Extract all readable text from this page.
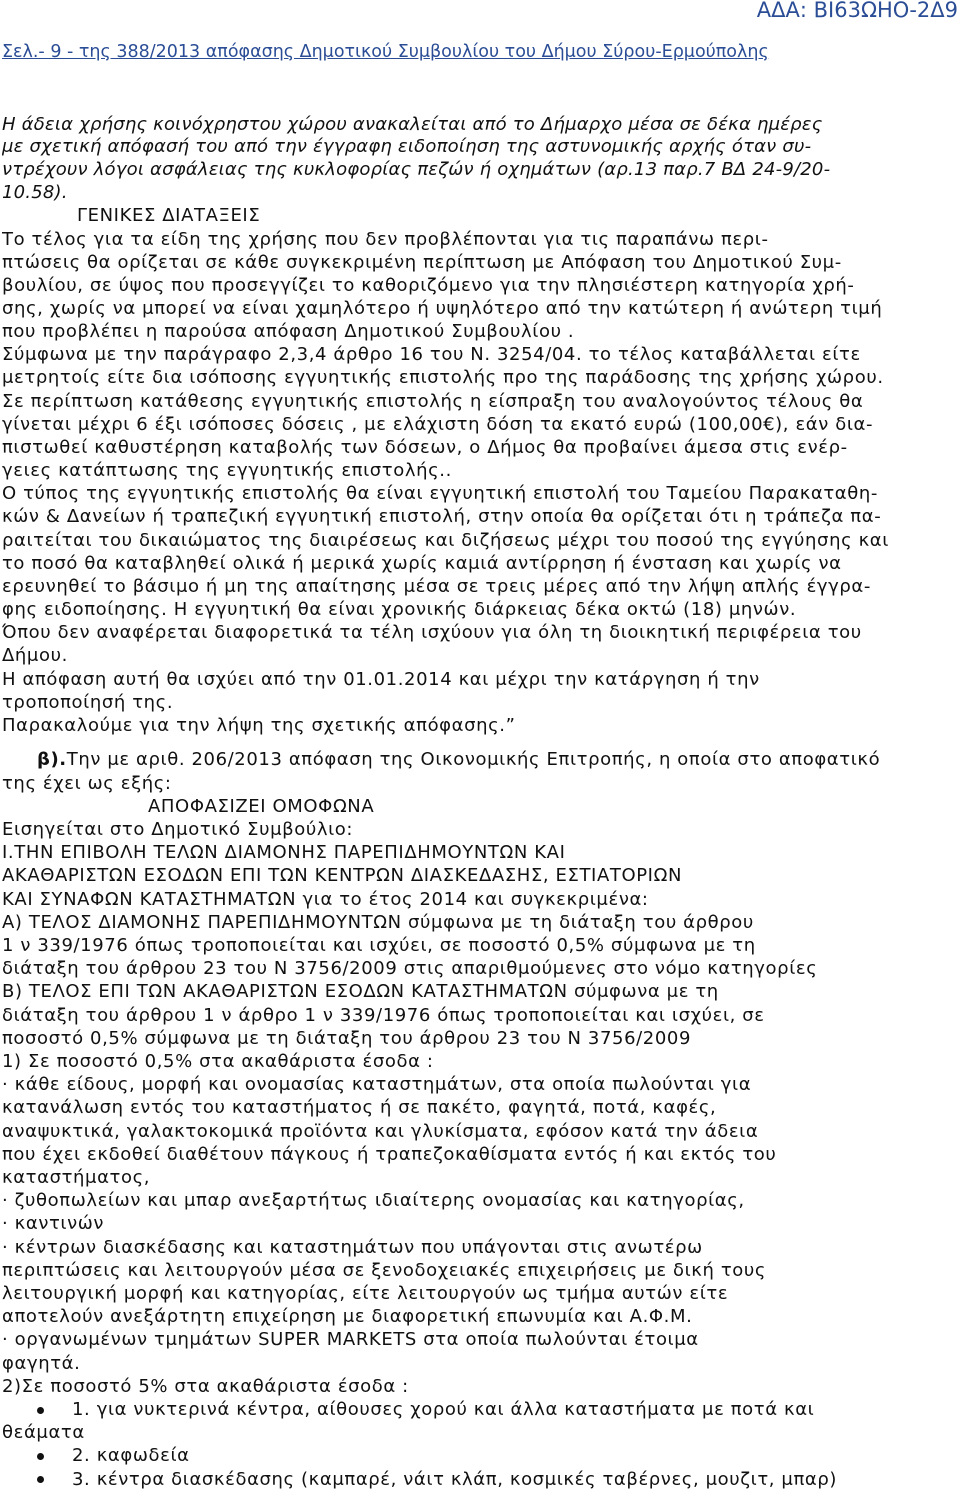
ΑΔΑ: ΒΙ63ΩΗΟ-2Δ9
Σελ.- 9 - της 388/2013 απόφασης Δημοτικού Συμβουλίου του Δήμου Σύρου-Ερμούπολης
Η άδεια χρήσης κοινόχρηστου χώρου ανακαλείται από το Δήμαρχο μέσα σε δέκα ημέρες
με σχετική απόφασή του από την έγγραφη ειδοποίηση της αστυνομικής αρχής όταν συ-
ντρέχουν λόγοι ασφάλειας της κυκλοφορίας πεζών ή οχημάτων (αρ.13 παρ.7 ΒΔ 24-9/20-
10.58).
ΓΕΝΙΚΕΣ ΔΙΑΤΑΞΕΙΣ
Το τέλος για τα είδη της χρήσης που δεν προβλέπονται για τις παραπάνω περι-
πτώσεις θα ορίζεται σε κάθε συγκεκριμένη περίπτωση με Απόφαση του Δημοτικού Συμ-
βουλίου, σε ύψος που προσεγγίζει το καθοριζόμενο για την πλησιέστερη κατηγορία χρή-
σης, χωρίς να μπορεί να είναι χαμηλότερο ή υψηλότερο από την κατώτερη ή ανώτερη τιμή
που προβλέπει η παρούσα απόφαση Δημοτικού Συμβουλίου .
Σύμφωνα με την παράγραφο 2,3,4 άρθρο 16 του Ν. 3254/04. το τέλος καταβάλλεται είτε
μετρητοίς είτε δια ισόποσης εγγυητικής επιστολής προ της παράδοσης της χρήσης χώρου.
Σε περίπτωση κατάθεσης εγγυητικής επιστολής η είσπραξη του αναλογούντος τέλους θα
γίνεται μέχρι 6 έξι ισόποσες δόσεις , με ελάχιστη δόση τα εκατό ευρώ (100,00€), εάν δια-
πιστωθεί καθυστέρηση καταβολής των δόσεων, ο Δήμος θα προβαίνει άμεσα στις ενέρ-
γειες κατάπτωσης της εγγυητικής επιστολής..
Ο τύπος της εγγυητικής επιστολής θα είναι εγγυητική επιστολή του Ταμείου Παρακαταθη-
κών & Δανείων ή τραπεζική εγγυητική επιστολή, στην οποία θα ορίζεται ότι η τράπεζα πα-
ραιτείται του δικαιώματος της διαιρέσεως και διζήσεως μέχρι του ποσού της εγγύησης και
το ποσό θα καταβληθεί ολικά ή μερικά χωρίς καμιά αντίρρηση ή ένσταση και χωρίς να
ερευνηθεί το βάσιμο ή μη της απαίτησης μέσα σε τρεις μέρες από την λήψη απλής έγγρα-
φης ειδοποίησης. Η εγγυητική θα είναι χρονικής διάρκειας δέκα οκτώ (18) μηνών.
Όπου δεν αναφέρεται διαφορετικά τα τέλη ισχύουν για όλη τη διοικητική περιφέρεια του
Δήμου.
Η απόφαση αυτή θα ισχύει από την 01.01.2014 και μέχρι την κατάργηση ή την
τροποποίησή της.
Παρακαλούμε για την λήψη της σχετικής απόφασης.”
β).Την με αριθ. 206/2013 απόφαση της Οικονομικής Επιτροπής, η οποία στο αποφατικό
της έχει ως εξής:
ΑΠΟΦΑΣΙΖΕΙ ΟΜΟΦΩΝΑ
Εισηγείται στο Δημοτικό Συμβούλιο:
Ι.ΤΗΝ ΕΠΙΒΟΛΗ ΤΕΛΩΝ ΔΙΑΜΟΝΗΣ ΠΑΡΕΠΙΔΗΜΟΥΝΤΩΝ ΚΑΙ
ΑΚΑΘΑΡΙΣΤΩΝ ΕΣΟΔΩΝ ΕΠΙ ΤΩΝ ΚΕΝΤΡΩΝ ΔΙΑΣΚΕΔΑΣΗΣ, ΕΣΤΙΑΤΟΡΙΩΝ
ΚΑΙ ΣΥΝΑΦΩΝ ΚΑΤΑΣΤΗΜΑΤΩΝ για το έτος 2014 και συγκεκριμένα:
Α) ΤΕΛΟΣ ΔΙΑΜΟΝΗΣ ΠΑΡΕΠΙΔΗΜΟΥΝΤΩΝ σύμφωνα με τη διάταξη του άρθρου
1 ν 339/1976 όπως τροποποιείται και ισχύει, σε ποσοστό 0,5% σύμφωνα με τη
διάταξη του άρθρου 23 του Ν 3756/2009 στις απαριθμούμενες στο νόμο κατηγορίες
Β) ΤΕΛΟΣ ΕΠΙ ΤΩΝ ΑΚΑΘΑΡΙΣΤΩΝ ΕΣΟΔΩΝ ΚΑΤΑΣΤΗΜΑΤΩΝ σύμφωνα με τη
διάταξη του άρθρου 1 ν άρθρο 1 ν 339/1976 όπως τροποποιείται και ισχύει, σε
ποσοστό 0,5% σύμφωνα με τη διάταξη του άρθρου 23 του Ν 3756/2009
1) Σε ποσοστό 0,5% στα ακαθάριστα έσοδα :
· κάθε είδους, μορφή και ονομασίας καταστημάτων, στα οποία πωλούνται για
κατανάλωση εντός του καταστήματος ή σε πακέτο, φαγητά, ποτά, καφές,
αναψυκτικά, γαλακτοκομικά προϊόντα και γλυκίσματα, εφόσον κατά την άδεια
που έχει εκδοθεί διαθέτουν πάγκους ή τραπεζοκαθίσματα εντός ή και εκτός του
καταστήματος,
· ζυθοπωλείων και μπαρ ανεξαρτήτως ιδιαίτερης ονομασίας και κατηγορίας,
· καντινών
· κέντρων διασκέδασης και καταστημάτων που υπάγονται στις ανωτέρω
περιπτώσεις και λειτουργούν μέσα σε ξενοδοχειακές επιχειρήσεις με δική τους
λειτουργική μορφή και κατηγορίας, είτε λειτουργούν ως τμήμα αυτών είτε
αποτελούν ανεξάρτητη επιχείρηση με διαφορετική επωνυμία και Α.Φ.Μ.
· οργανωμένων τμημάτων SUPER MARKETS στα οποία πωλούνται έτοιμα
φαγητά.
2)Σε ποσοστό 5% στα ακαθάριστα έσοδα :
1. για νυκτερινά κέντρα, αίθουσες χορού και άλλα καταστήματα με ποτά και
θεάματα
2. καφωδεία
3. κέντρα διασκέδασης (καμπαρέ, νάιτ κλάπ, κοσμικές ταβέρνες, μουζιτ, μπαρ)
